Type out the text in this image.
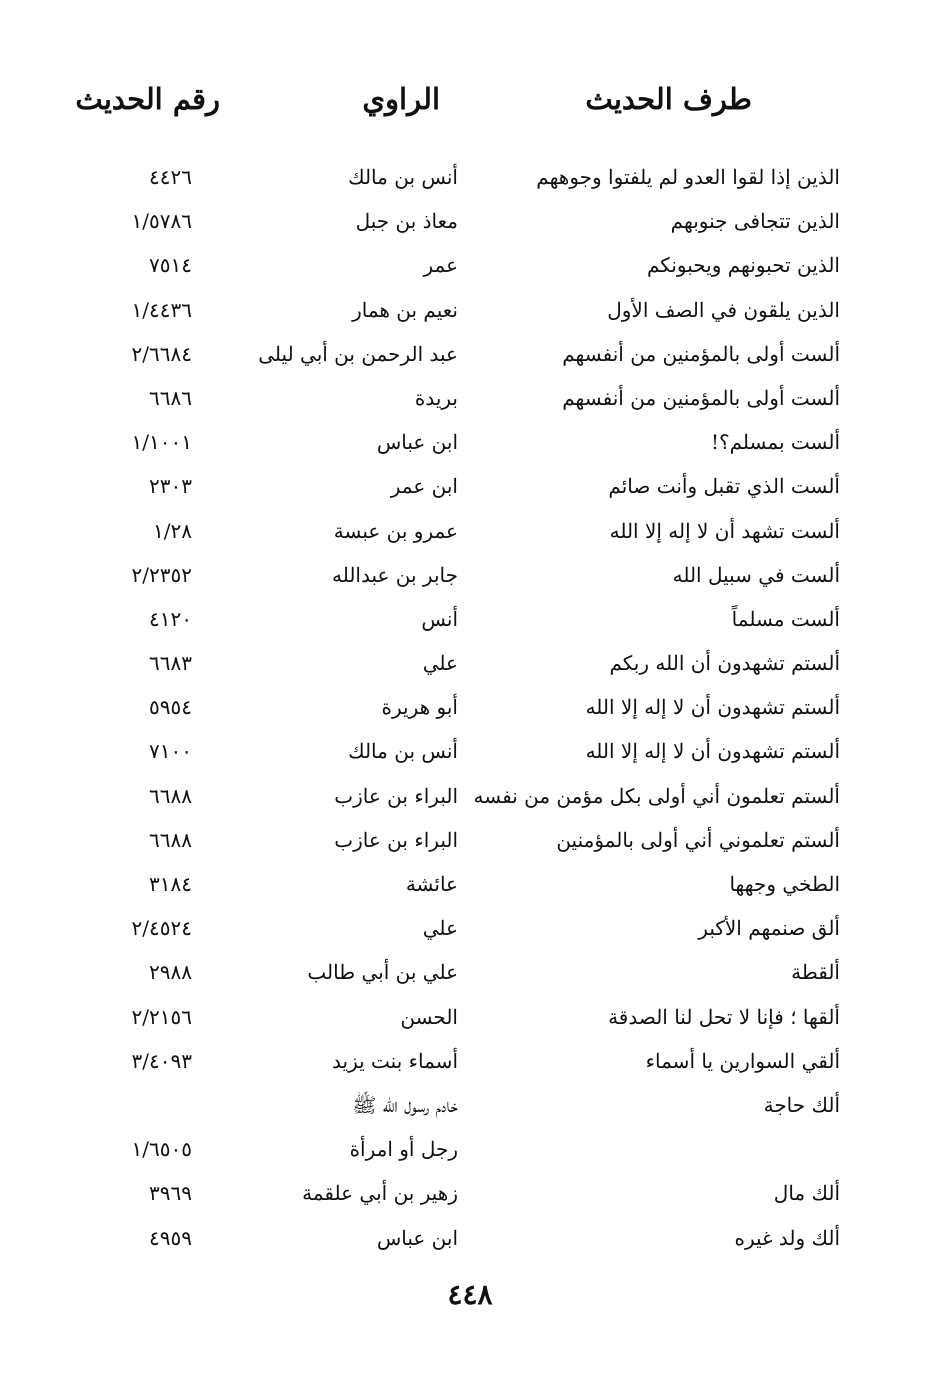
طرف الحديث
الراوي
رقم الحديث
الذين إذا لقوا العدو لم يلفتوا وجوههم
أنس بن مالك
٤٤٢٦
الذين تتجافى جنوبهم
معاذ بن جبل
١/٥٧٨٦
الذين تحبونهم ويحبونكم
عمر
٧٥١٤
الذين يلقون في الصف الأول
نعيم بن همار
١/٤٤٣٦
ألست أولى بالمؤمنين من أنفسهم
عبد الرحمن بن أبي ليلى
٢/٦٦٨٤
ألست أولى بالمؤمنين من أنفسهم
بريدة
٦٦٨٦
ألست بمسلم؟!
ابن عباس
١/١٠٠١
ألست الذي تقبل وأنت صائم
ابن عمر
٢٣٠٣
ألست تشهد أن لا إله إلا الله
عمرو بن عبسة
١/٢٨
ألست في سبيل الله
جابر بن عبدالله
٢/٢٣٥٢
ألست مسلماً
أنس
٤١٢٠
ألستم تشهدون أن الله ربكم
علي
٦٦٨٣
ألستم تشهدون أن لا إله إلا الله
أبو هريرة
٥٩٥٤
ألستم تشهدون أن لا إله إلا الله
أنس بن مالك
٧١٠٠
ألستم تعلمون أني أولى بكل مؤمن من نفسه
البراء بن عازب
٦٦٨٨
ألستم تعلموني أني أولى بالمؤمنين
البراء بن عازب
٦٦٨٨
الطخي وجهها
عائشة
٣١٨٤
ألق صنمهم الأكبر
علي
٢/٤٥٢٤
ألقطة
علي بن أبي طالب
٢٩٨٨
ألقها ؛ فإنا لا تحل لنا الصدقة
الحسن
٢/٢١٥٦
ألقي السوارين يا أسماء
أسماء بنت يزيد
٣/٤٠٩٣
ألك حاجة
خادم رسول الله ﷺ
رجل أو امرأة
١/٦٥٠٥
ألك مال
زهير بن أبي علقمة
٣٩٦٩
ألك ولد غيره
ابن عباس
٤٩٥٩
٤٤٨
